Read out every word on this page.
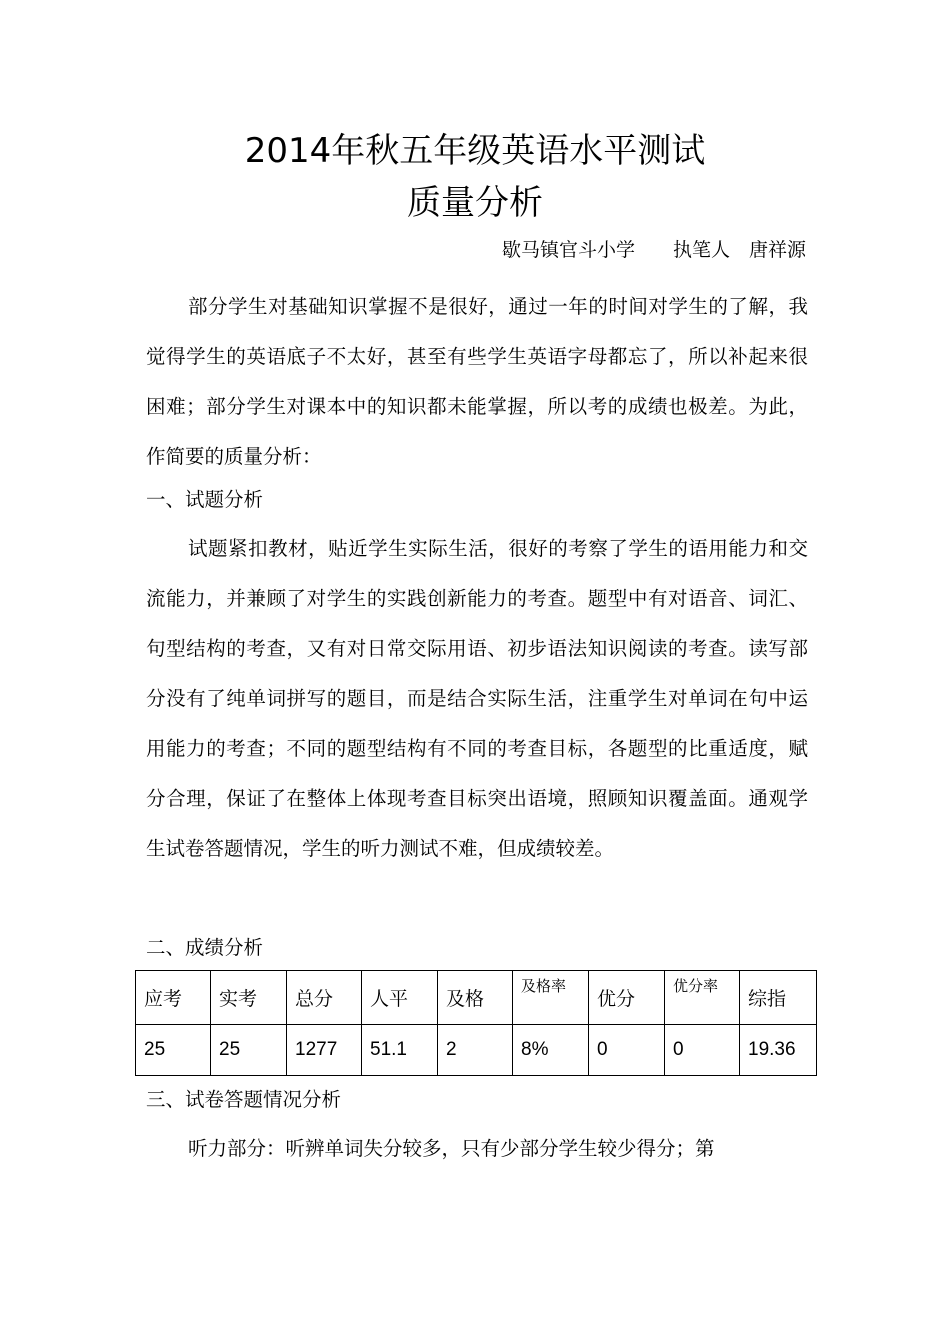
2014年秋五年级英语水平测试
质量分析
歇马镇官斗小学　　执笔人　唐祥源

部分学生对基础知识掌握不是很好，通过一年的时间对学生的了解，我觉得学生的英语底子不太好，甚至有些学生英语字母都忘了，所以补起来很困难；部分学生对课本中的知识都未能掌握，所以考的成绩也极差。为此，作简要的质量分析：

一、试题分析

试题紧扣教材，贴近学生实际生活，很好的考察了学生的语用能力和交流能力，并兼顾了对学生的实践创新能力的考查。题型中有对语音、词汇、句型结构的考查，又有对日常交际用语、初步语法知识阅读的考查。读写部分没有了纯单词拼写的题目，而是结合实际生活，注重学生对单词在句中运用能力的考查；不同的题型结构有不同的考查目标，各题型的比重适度，赋分合理，保证了在整体上体现考查目标突出语境，照顾知识覆盖面。通观学生试卷答题情况，学生的听力测试不难，但成绩较差。

二、成绩分析
应考	实考	总分	人平	及格	及格率	优分	优分率	综指
25	25	1277	51.1	2	8%	0	0	19.36
三、试卷答题情况分析

听力部分：听辨单词失分较多，只有少部分学生较少得分；第
